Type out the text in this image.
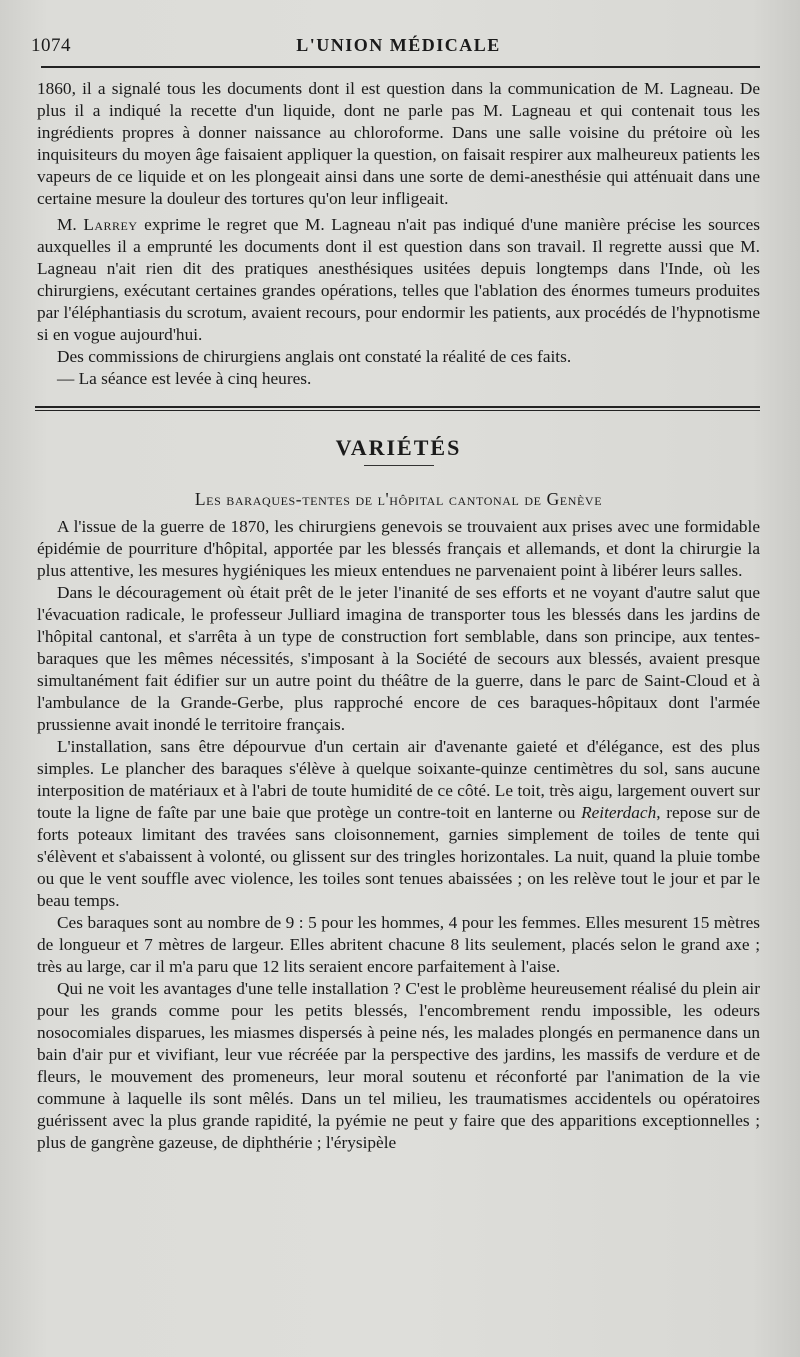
1074	L'UNION MÉDICALE

1860, il a signalé tous les documents dont il est question dans la communication de M. Lagneau. De plus il a indiqué la recette d'un liquide, dont ne parle pas M. Lagneau et qui contenait tous les ingrédients propres à donner naissance au chloroforme. Dans une salle voisine du prétoire où les inquisiteurs du moyen âge faisaient appliquer la question, on faisait respirer aux malheureux patients les vapeurs de ce liquide et on les plongeait ainsi dans une sorte de demi-anesthésie qui atténuait dans une certaine mesure la douleur des tortures qu'on leur infligeait.

M. Larrey exprime le regret que M. Lagneau n'ait pas indiqué d'une manière précise les sources auxquelles il a emprunté les documents dont il est question dans son travail. Il regrette aussi que M. Lagneau n'ait rien dit des pratiques anesthésiques usitées depuis longtemps dans l'Inde, où les chirurgiens, exécutant certaines grandes opérations, telles que l'ablation des énormes tumeurs produites par l'éléphantiasis du scrotum, avaient recours, pour endormir les patients, aux procédés de l'hypnotisme si en vogue aujourd'hui.

Des commissions de chirurgiens anglais ont constaté la réalité de ces faits.

— La séance est levée à cinq heures.

VARIÉTÉS
Les baraques-tentes de l'hôpital cantonal de Genève

A l'issue de la guerre de 1870, les chirurgiens genevois se trouvaient aux prises avec une formidable épidémie de pourriture d'hôpital, apportée par les blessés français et allemands, et dont la chirurgie la plus attentive, les mesures hygiéniques les mieux entendues ne parvenaient point à libérer leurs salles.

Dans le découragement où était prêt de le jeter l'inanité de ses efforts et ne voyant d'autre salut que l'évacuation radicale, le professeur Julliard imagina de transporter tous les blessés dans les jardins de l'hôpital cantonal, et s'arrêta à un type de construction fort semblable, dans son principe, aux tentes-baraques que les mêmes nécessités, s'imposant à la Société de secours aux blessés, avaient presque simultanément fait édifier sur un autre point du théâtre de la guerre, dans le parc de Saint-Cloud et à l'ambulance de la Grande-Gerbe, plus rapproché encore de ces baraques-hôpitaux dont l'armée prussienne avait inondé le territoire français.

L'installation, sans être dépourvue d'un certain air d'avenante gaieté et d'élégance, est des plus simples. Le plancher des baraques s'élève à quelque soixante-quinze centimètres du sol, sans aucune interposition de matériaux et à l'abri de toute humidité de ce côté. Le toit, très aigu, largement ouvert sur toute la ligne de faîte par une baie que protège un contre-toit en lanterne ou Reiterdach, repose sur de forts poteaux limitant des travées sans cloisonnement, garnies simplement de toiles de tente qui s'élèvent et s'abaissent à volonté, ou glissent sur des tringles horizontales. La nuit, quand la pluie tombe ou que le vent souffle avec violence, les toiles sont tenues abaissées ; on les relève tout le jour et par le beau temps.

Ces baraques sont au nombre de 9 : 5 pour les hommes, 4 pour les femmes. Elles mesurent 15 mètres de longueur et 7 mètres de largeur. Elles abritent chacune 8 lits seulement, placés selon le grand axe ; très au large, car il m'a paru que 12 lits seraient encore parfaitement à l'aise.

Qui ne voit les avantages d'une telle installation ? C'est le problème heureusement réalisé du plein air pour les grands comme pour les petits blessés, l'encombrement rendu impossible, les odeurs nosocomiales disparues, les miasmes dispersés à peine nés, les malades plongés en permanence dans un bain d'air pur et vivifiant, leur vue récréée par la perspective des jardins, les massifs de verdure et de fleurs, le mouvement des promeneurs, leur moral soutenu et réconforté par l'animation de la vie commune à laquelle ils sont mêlés. Dans un tel milieu, les traumatismes accidentels ou opératoires guérissent avec la plus grande rapidité, la pyémie ne peut y faire que des apparitions exceptionnelles ; plus de gangrène gazeuse, de diphthérie ; l'érysipèle
